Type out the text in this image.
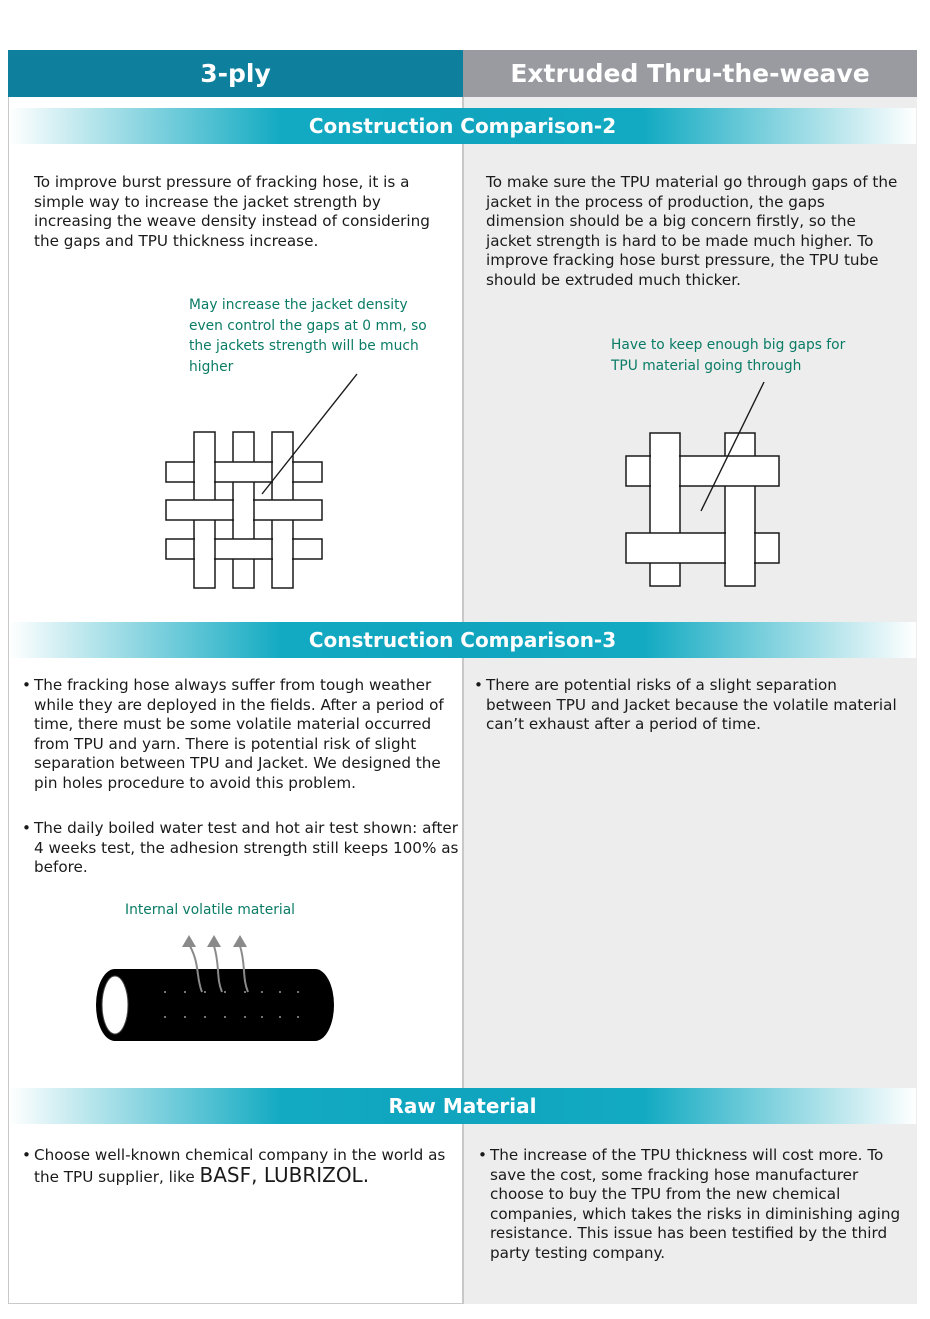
3-ply	Extruded Thru-the-weave
Construction Comparison-2

To improve burst pressure of fracking hose, it is a simple way to increase the jacket strength by increasing the weave density instead of considering the gaps and TPU thickness increase.

May increase the jacket density even control the gaps at 0 mm, so the jackets strength will be much higher

To make sure the TPU material go through gaps of the jacket in the process of production, the gaps dimension should be a big concern firstly, so the jacket strength is hard to be made much higher. To improve fracking hose burst pressure, the TPU tube should be extruded much thicker.

Have to keep enough big gaps for TPU material going through

Construction Comparison-3

• The fracking hose always suffer from tough weather while they are deployed in the fields. After a period of time, there must be some volatile material occurred from TPU and yarn. There is potential risk of slight separation between TPU and Jacket. We designed the pin holes procedure to avoid this problem.

• The daily boiled water test and hot air test shown: after 4 weeks test, the adhesion strength still keeps 100% as before.

Internal volatile material

• There are potential risks of a slight separation between TPU and Jacket because the volatile material can’t exhaust after a period of time.

Raw Material

• Choose well-known chemical company in the world as the TPU supplier, like BASF, LUBRIZOL.

• The increase of the TPU thickness will cost more. To save the cost, some fracking hose manufacturer choose to buy the TPU from the new chemical companies, which takes the risks in diminishing aging resistance. This issue has been testified by the third party testing company.
